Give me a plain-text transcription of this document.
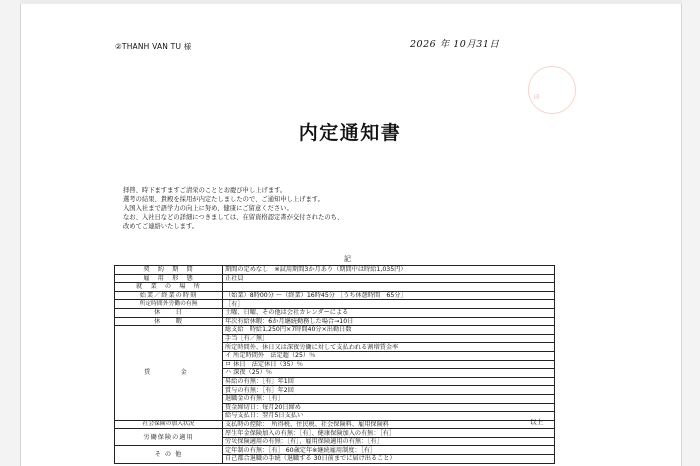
②THANH VAN TU 様	2026 年 10月31日
印
内定通知書
拝啓、時下ますますご清栄のこととお慶び申し上げます。
選考の結果、貴殿を採用が内定たしましたので、ご通知申し上げます。
入国入社まで語学力の向上に努め、健康にご留意ください。
なお、入社日などの詳細につきましては、在留資格認定書が交付されたのち、
改めてご連絡いたします。
記
契　約　期　間	期間の定めなし　※試用期間3か月あり（期間中は時給1,035円）
雇　用　形　態	正社員
就　業　の　場　所	
始業／終業の時刻	（始業）8時00分 ～（終業）16時45分 ［うち休憩時間　65分］
所定時間外労働の有無	［有］
休　　日	土曜、日曜、その他は会社カレンダーによる
休　　暇	年次有給休暇：6か月継続勤務した場合→10日
賃　　金	総支給　時給1,250円×7時間40分×出勤日数
	手当［有／無］
	所定時間外、休日又は深夜労働に対して支払われる割増賃金率
	イ 所定時間外　法定超（25）％
	ロ 休日　法定休日（35）％
	ハ 深夜（25）％
	昇給の有無：［有］年1回
	賞与の有無：［有］年2回
	退職金の有無：［有］
	賃金締切日：毎月20日締め
	給与支払日：翌月5日支払い
社会保険の加入状況	支払時の控除：　所得税、住民税、社会保険料、雇用保険料
労働保険の適用	厚生年金保険加入の有無：［有］、健康保険加入の有無：［有］
	労災保険適用の有無：［有］、雇用保険適用の有無：［有］
そ の 他	定年制の有無：［有］ 60歳定年※継続雇用制度：［有］
	自己都合退職の手続（退職する 30日前までに届け出ること）
以上
